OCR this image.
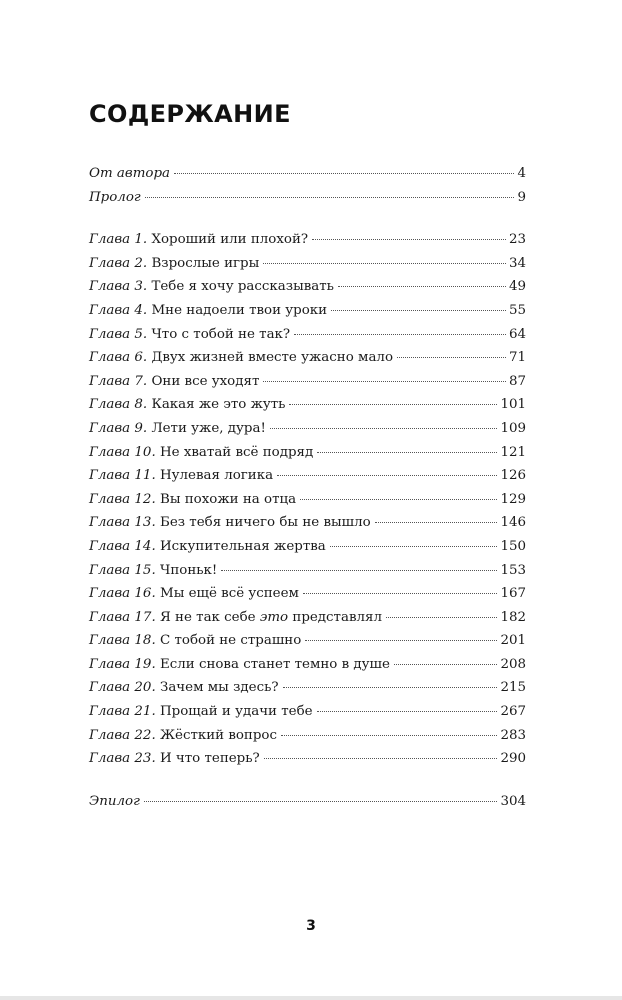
СОДЕРЖАНИЕ
От автора	4
Пролог	9
Глава 1. Хороший или плохой?	23
Глава 2. Взрослые игры	34
Глава 3. Тебе я хочу рассказывать	49
Глава 4. Мне надоели твои уроки	55
Глава 5. Что с тобой не так?	64
Глава 6. Двух жизней вместе ужасно мало	71
Глава 7. Они все уходят	87
Глава 8. Какая же это жуть	101
Глава 9. Лети уже, дура!	109
Глава 10. Не хватай всё подряд	121
Глава 11. Нулевая логика	126
Глава 12. Вы похожи на отца	129
Глава 13. Без тебя ничего бы не вышло	146
Глава 14. Искупительная жертва	150
Глава 15. Чпоньк!	153
Глава 16. Мы ещё всё успеем	167
Глава 17. Я не так себе это представлял	182
Глава 18. С тобой не страшно	201
Глава 19. Если снова станет темно в душе	208
Глава 20. Зачем мы здесь?	215
Глава 21. Прощай и удачи тебе	267
Глава 22. Жёсткий вопрос	283
Глава 23. И что теперь?	290
Эпилог	304
3
